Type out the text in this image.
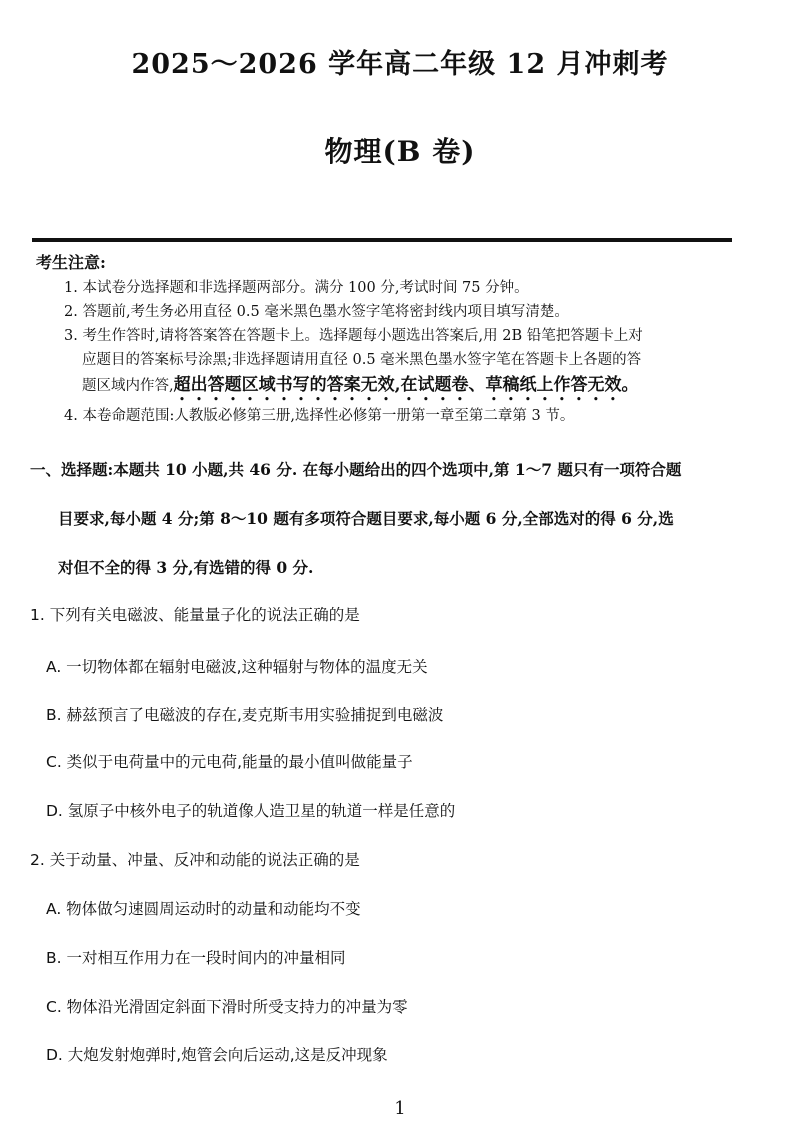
2025～2026 学年高二年级 12 月冲刺考
物理(B 卷)
考生注意:
1. 本试卷分选择题和非选择题两部分。满分 100 分,考试时间 75 分钟。
2. 答题前,考生务必用直径 0.5 毫米黑色墨水签字笔将密封线内项目填写清楚。
3. 考生作答时,请将答案答在答题卡上。选择题每小题选出答案后,用 2B 铅笔把答题卡上对
应题目的答案标号涂黑;非选择题请用直径 0.5 毫米黑色墨水签字笔在答题卡上各题的答
题区域内作答,超出答题区域书写的答案无效,在试题卷、草稿纸上作答无效。
4. 本卷命题范围:人教版必修第三册,选择性必修第一册第一章至第二章第 3 节。
一、选择题:本题共 10 小题,共 46 分. 在每小题给出的四个选项中,第 1～7 题只有一项符合题
目要求,每小题 4 分;第 8～10 题有多项符合题目要求,每小题 6 分,全部选对的得 6 分,选
对但不全的得 3 分,有选错的得 0 分.
1. 下列有关电磁波、能量量子化的说法正确的是
A. 一切物体都在辐射电磁波,这种辐射与物体的温度无关
B. 赫兹预言了电磁波的存在,麦克斯韦用实验捕捉到电磁波
C. 类似于电荷量中的元电荷,能量的最小值叫做能量子
D. 氢原子中核外电子的轨道像人造卫星的轨道一样是任意的
2. 关于动量、冲量、反冲和动能的说法正确的是
A. 物体做匀速圆周运动时的动量和动能均不变
B. 一对相互作用力在一段时间内的冲量相同
C. 物体沿光滑固定斜面下滑时所受支持力的冲量为零
D. 大炮发射炮弹时,炮管会向后运动,这是反冲现象
1
